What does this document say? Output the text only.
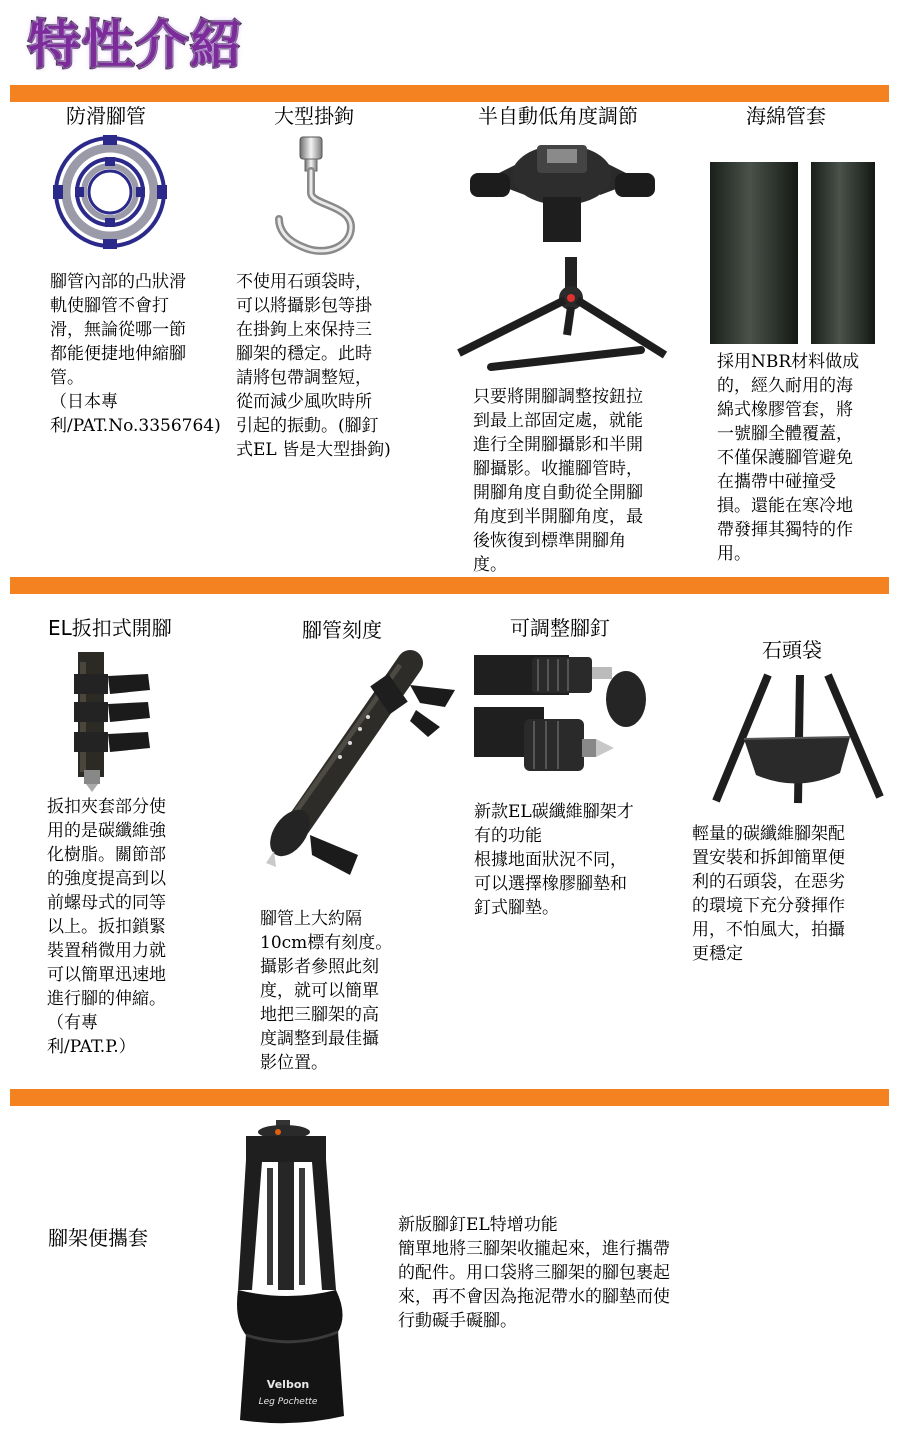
特性介紹
防滑腳管
腳管內部的凸狀滑
軌使腳管不會打
滑，無論從哪一節
都能便捷地伸縮腳
管。
（日本專
利/PAT.No.3356764)
大型掛鉤
不使用石頭袋時，
可以將攝影包等掛
在掛鉤上來保持三
腳架的穩定。此時
請將包帶調整短，
從而減少風吹時所
引起的振動。(腳釘
式EL 皆是大型掛鉤)
半自動低角度調節
只要將開腳調整按鈕拉
到最上部固定處，就能
進行全開腳攝影和半開
腳攝影。收攏腳管時，
開腳角度自動從全開腳
角度到半開腳角度，最
後恢復到標準開腳角
度。
海綿管套
採用NBR材料做成
的，經久耐用的海
綿式橡膠管套，將
一號腳全體覆蓋，
不僅保護腳管避免
在攜帶中碰撞受
損。還能在寒冷地
帶發揮其獨特的作
用。
EL扳扣式開腳
扳扣夾套部分使
用的是碳纖維強
化樹脂。關節部
的強度提高到以
前螺母式的同等
以上。扳扣鎖緊
裝置稍微用力就
可以簡單迅速地
進行腳的伸縮。
（有專
利/PAT.P.）
腳管刻度
腳管上大約隔
10cm標有刻度。
攝影者參照此刻
度，就可以簡單
地把三腳架的高
度調整到最佳攝
影位置。
可調整腳釘
新款EL碳纖維腳架才
有的功能
根據地面狀況不同，
可以選擇橡膠腳墊和
釘式腳墊。
石頭袋
輕量的碳纖維腳架配
置安裝和拆卸簡單便
利的石頭袋，在惡劣
的環境下充分發揮作
用，不怕風大，拍攝
更穩定
腳架便攜套
Velbon
Leg Pochette
新版腳釘EL特增功能
簡單地將三腳架收攏起來，進行攜帶
的配件。用口袋將三腳架的腳包裹起
來，再不會因為拖泥帶水的腳墊而使
行動礙手礙腳。
